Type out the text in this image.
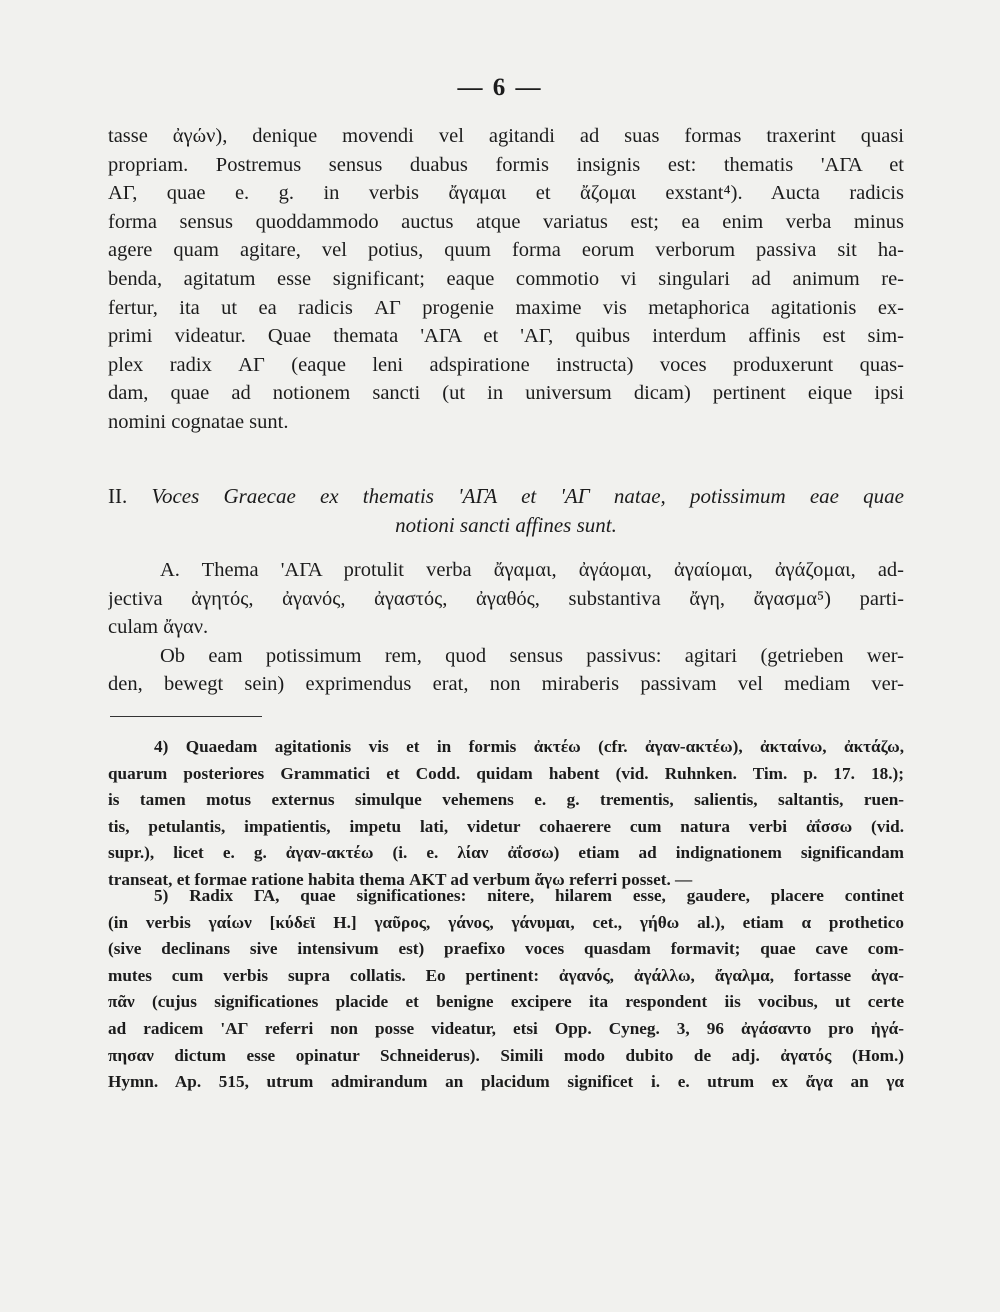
— 6 —
tasse ἀγών), denique movendi vel agitandi ad suas formas traxerint quasi
propriam. Postremus sensus duabus formis insignis est: thematis 'ΑΓΑ et
ΑΓ, quae e. g. in verbis ἄγαμαι et ἄζομαι exstant⁴). Aucta radicis
forma sensus quoddammodo auctus atque variatus est; ea enim verba minus
agere quam agitare, vel potius, quum forma eorum verborum passiva sit ha-
benda, agitatum esse significant; eaque commotio vi singulari ad animum re-
fertur, ita ut ea radicis ΑΓ progenie maxime vis metaphorica agitationis ex-
primi videatur. Quae themata 'ΑΓΑ et 'ΑΓ, quibus interdum affinis est sim-
plex radix ΑΓ (eaque leni adspiratione instructa) voces produxerunt quas-
dam, quae ad notionem sancti (ut in universum dicam) pertinent eique ipsi
nomini cognatae sunt.
II. Voces Graecae ex thematis 'ΑΓΑ et 'ΑΓ natae, potissimum eae quae
notioni sancti affines sunt.
A. Thema 'ΑΓΑ protulit verba ἄγαμαι, ἀγάομαι, ἀγαίομαι, ἀγάζομαι, ad-
jectiva ἀγητός, ἀγανός, ἀγαστός, ἀγαθός, substantiva ἄγη, ἄγασμα⁵) parti-
culam ἄγαν.
Ob eam potissimum rem, quod sensus passivus: agitari (getrieben wer-
den, bewegt sein) exprimendus erat, non miraberis passivam vel mediam ver-
4) Quaedam agitationis vis et in formis ἀκτέω (cfr. ἀγαν-ακτέω), ἀκταίνω, ἀκτάζω,
quarum posteriores Grammatici et Codd. quidam habent (vid. Ruhnken. Tim. p. 17. 18.);
is tamen motus externus simulque vehemens e. g. trementis, salientis, saltantis, ruen-
tis, petulantis, impatientis, impetu lati, videtur cohaerere cum natura verbi ἀΐσσω (vid.
supr.), licet e. g. ἀγαν-ακτέω (i. e. λίαν ἀΐσσω) etiam ad indignationem significandam
transeat, et formae ratione habita thema ΑΚΤ ad verbum ἄγω referri posset. —
5) Radix ΓΑ, quae significationes: nitere, hilarem esse, gaudere, placere continet
(in verbis γαίων [κύδεϊ Η.] γαῦρος, γάνος, γάνυμαι, cet., γήθω al.), etiam α prothetico
(sive declinans sive intensivum est) praefixo voces quasdam formavit; quae cave com-
mutes cum verbis supra collatis. Eo pertinent: ἀγανός, ἀγάλλω, ἄγαλμα, fortasse ἀγα-
πᾶν (cujus significationes placide et benigne excipere ita respondent iis vocibus, ut certe
ad radicem 'ΑΓ referri non posse videatur, etsi Opp. Cyneg. 3, 96 ἀγάσαντο pro ἠγά-
πησαν dictum esse opinatur Schneiderus). Simili modo dubito de adj. ἀγατός (Hom.)
Hymn. Ap. 515, utrum admirandum an placidum significet i. e. utrum ex ἄγα an γα
